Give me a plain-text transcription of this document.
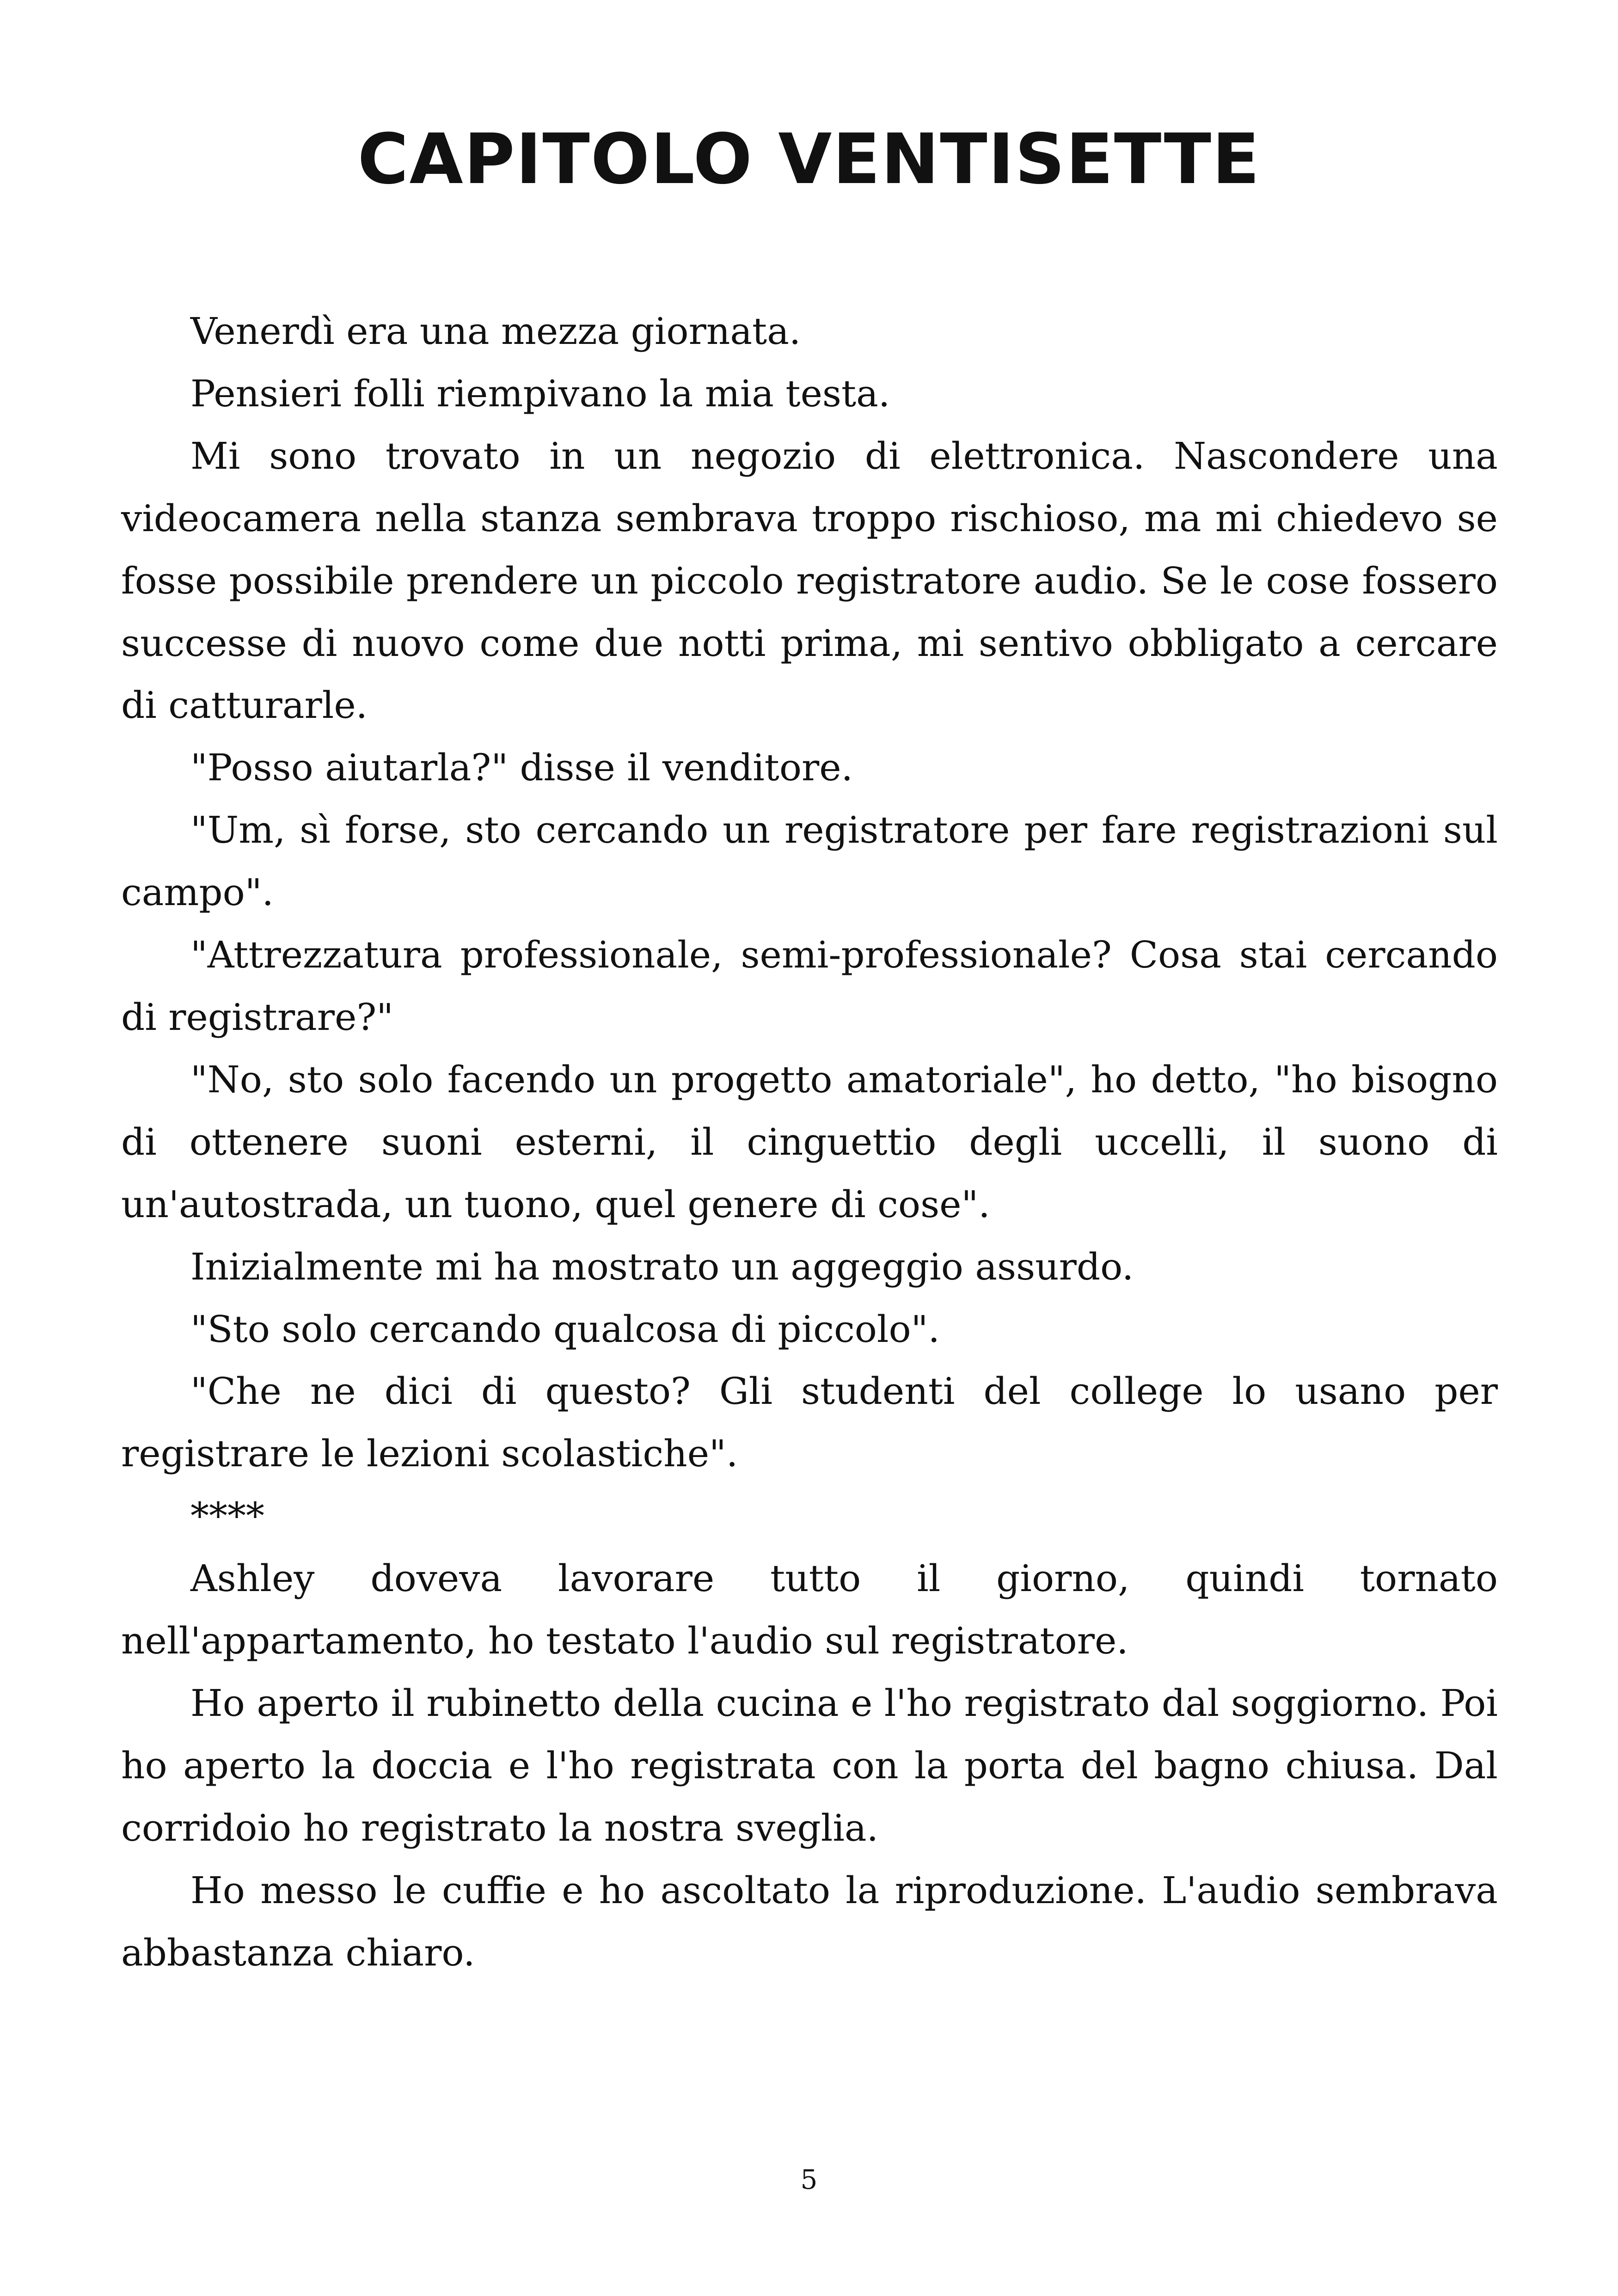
CAPITOLO VENTISETTE

Venerdì era una mezza giornata.

Pensieri folli riempivano la mia testa.

Mi sono trovato in un negozio di elettronica. Nascondere una videocamera nella stanza sembrava troppo rischioso, ma mi chiedevo se fosse possibile prendere un piccolo registratore audio. Se le cose fossero successe di nuovo come due notti prima, mi sentivo obbligato a cercare di catturarle.

"Posso aiutarla?" disse il venditore.

"Um, sì forse, sto cercando un registratore per fare registrazioni sul campo".

"Attrezzatura professionale, semi-professionale? Cosa stai cercando di registrare?"

"No, sto solo facendo un progetto amatoriale", ho detto, "ho bisogno di ottenere suoni esterni, il cinguettio degli uccelli, il suono di un'autostrada, un tuono, quel genere di cose".

Inizialmente mi ha mostrato un aggeggio assurdo.

"Sto solo cercando qualcosa di piccolo".

"Che ne dici di questo? Gli studenti del college lo usano per registrare le lezioni scolastiche".

****

Ashley doveva lavorare tutto il giorno, quindi tornato nell'appartamento, ho testato l'audio sul registratore.

Ho aperto il rubinetto della cucina e l'ho registrato dal soggiorno. Poi ho aperto la doccia e l'ho registrata con la porta del bagno chiusa. Dal corridoio ho registrato la nostra sveglia.

Ho messo le cuffie e ho ascoltato la riproduzione. L'audio sembrava abbastanza chiaro.

5
